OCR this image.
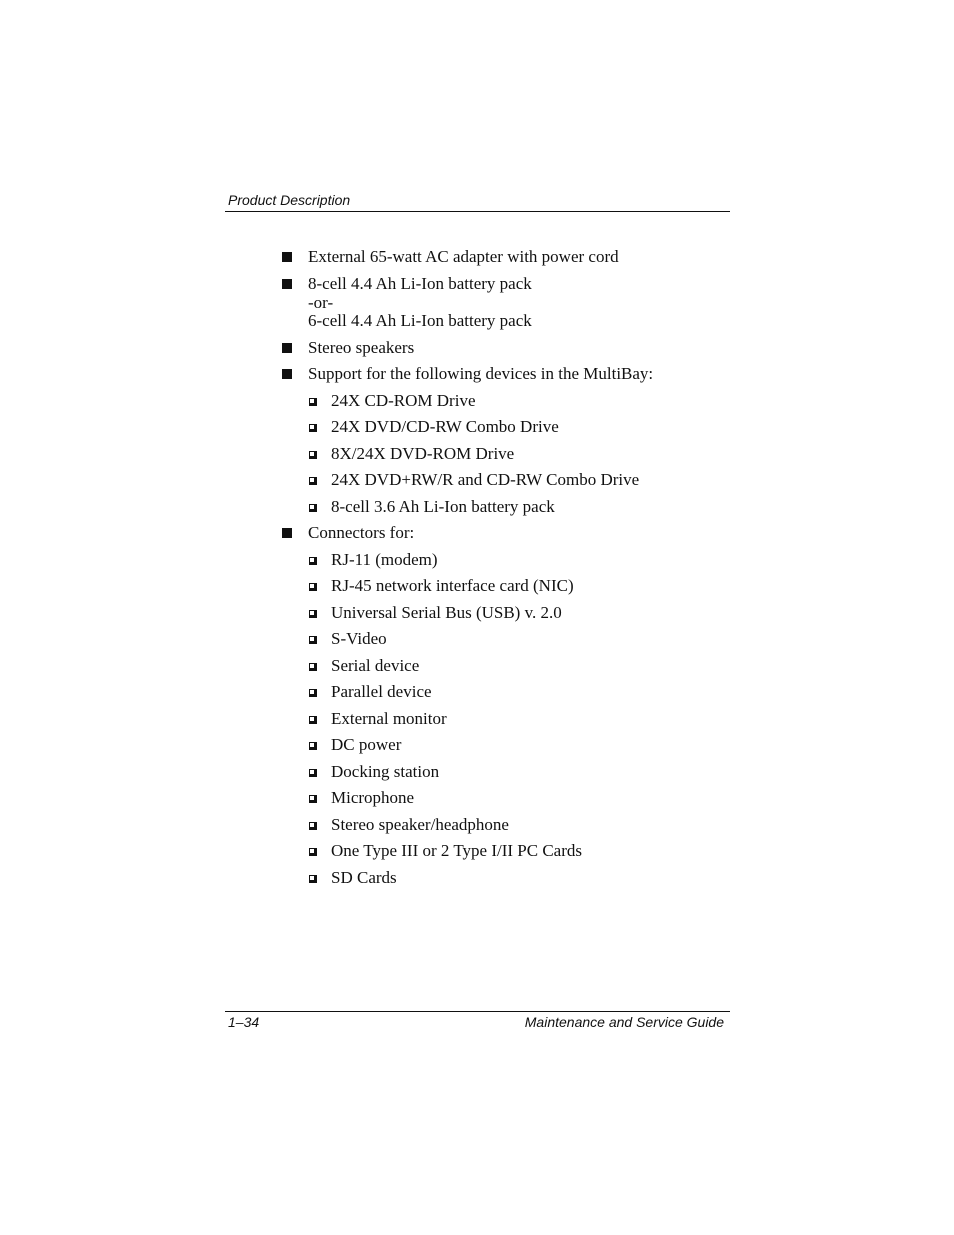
Product Description
External 65-watt AC adapter with power cord
8-cell 4.4 Ah Li-Ion battery pack
-or-
6-cell 4.4 Ah Li-Ion battery pack
Stereo speakers
Support for the following devices in the MultiBay:
24X CD-ROM Drive
24X DVD/CD-RW Combo Drive
8X/24X DVD-ROM Drive
24X DVD+RW/R and CD-RW Combo Drive
8-cell 3.6 Ah Li-Ion battery pack
Connectors for:
RJ-11 (modem)
RJ-45 network interface card (NIC)
Universal Serial Bus (USB) v. 2.0
S-Video
Serial device
Parallel device
External monitor
DC power
Docking station
Microphone
Stereo speaker/headphone
One Type III or 2 Type I/II PC Cards
SD Cards
1–34	Maintenance and Service Guide
